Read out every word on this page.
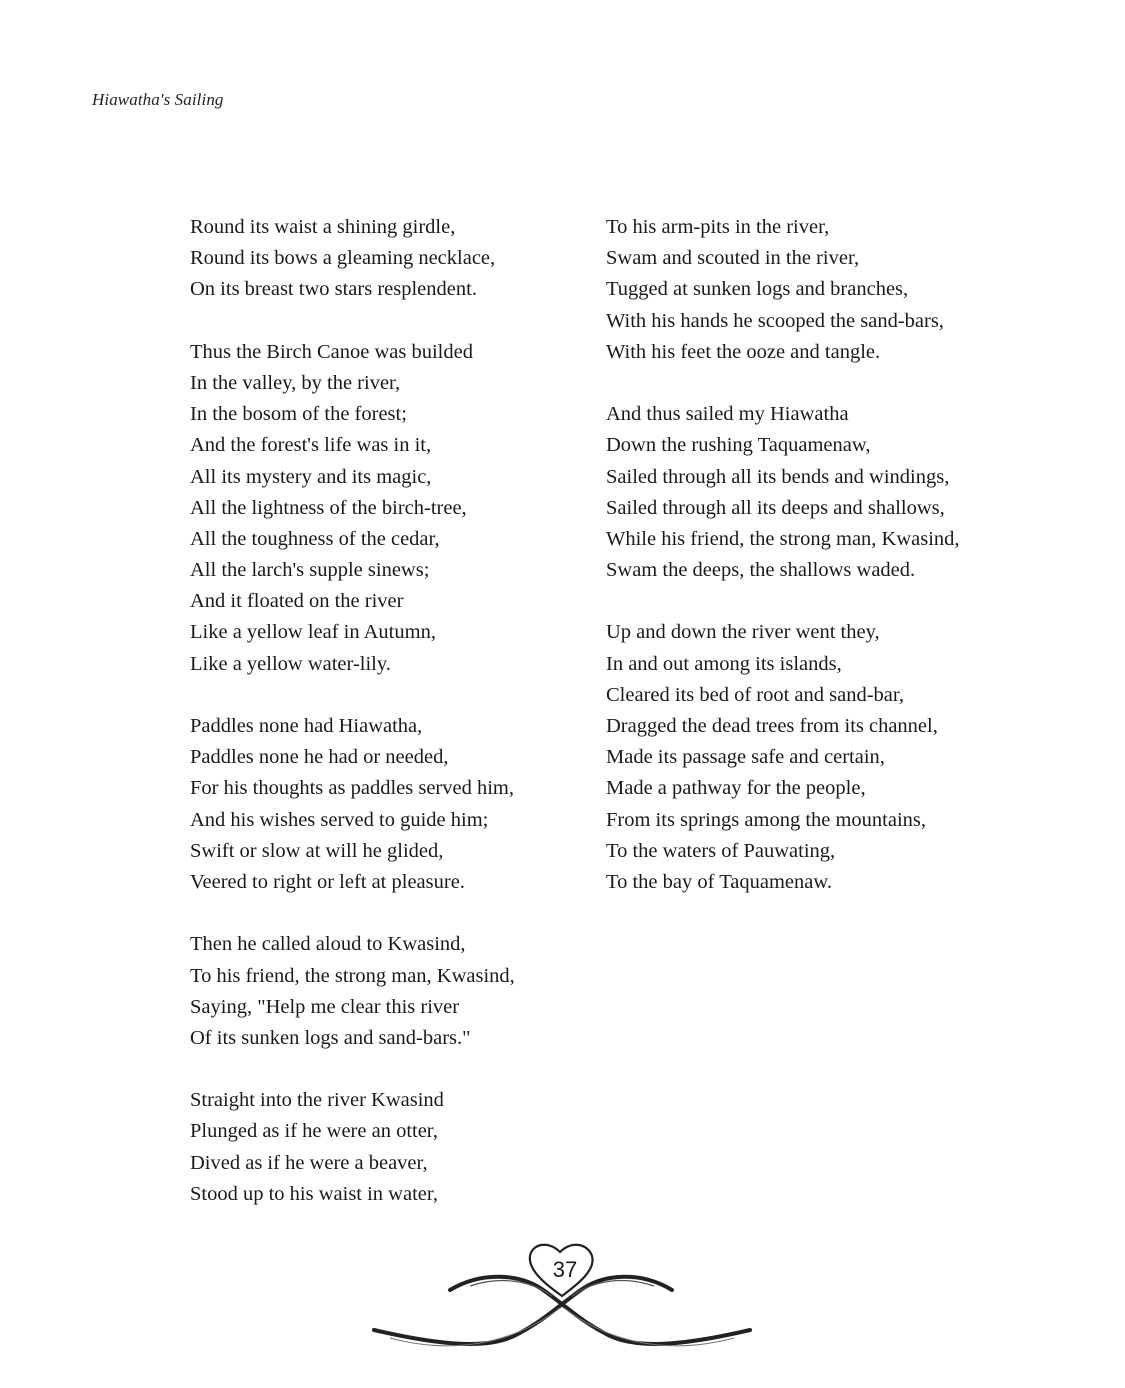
Hiawatha's Sailing
Round its waist a shining girdle,
Round its bows a gleaming necklace,
On its breast two stars resplendent.
Thus the Birch Canoe was builded
In the valley, by the river,
In the bosom of the forest;
And the forest's life was in it,
All its mystery and its magic,
All the lightness of the birch-tree,
All the toughness of the cedar,
All the larch's supple sinews;
And it floated on the river
Like a yellow leaf in Autumn,
Like a yellow water-lily.
Paddles none had Hiawatha,
Paddles none he had or needed,
For his thoughts as paddles served him,
And his wishes served to guide him;
Swift or slow at will he glided,
Veered to right or left at pleasure.
Then he called aloud to Kwasind,
To his friend, the strong man, Kwasind,
Saying, "Help me clear this river
Of its sunken logs and sand-bars."
Straight into the river Kwasind
Plunged as if he were an otter,
Dived as if he were a beaver,
Stood up to his waist in water,
To his arm-pits in the river,
Swam and scouted in the river,
Tugged at sunken logs and branches,
With his hands he scooped the sand-bars,
With his feet the ooze and tangle.
And thus sailed my Hiawatha
Down the rushing Taquamenaw,
Sailed through all its bends and windings,
Sailed through all its deeps and shallows,
While his friend, the strong man, Kwasind,
Swam the deeps, the shallows waded.
Up and down the river went they,
In and out among its islands,
Cleared its bed of root and sand-bar,
Dragged the dead trees from its channel,
Made its passage safe and certain,
Made a pathway for the people,
From its springs among the mountains,
To the waters of Pauwating,
To the bay of Taquamenaw.
37
